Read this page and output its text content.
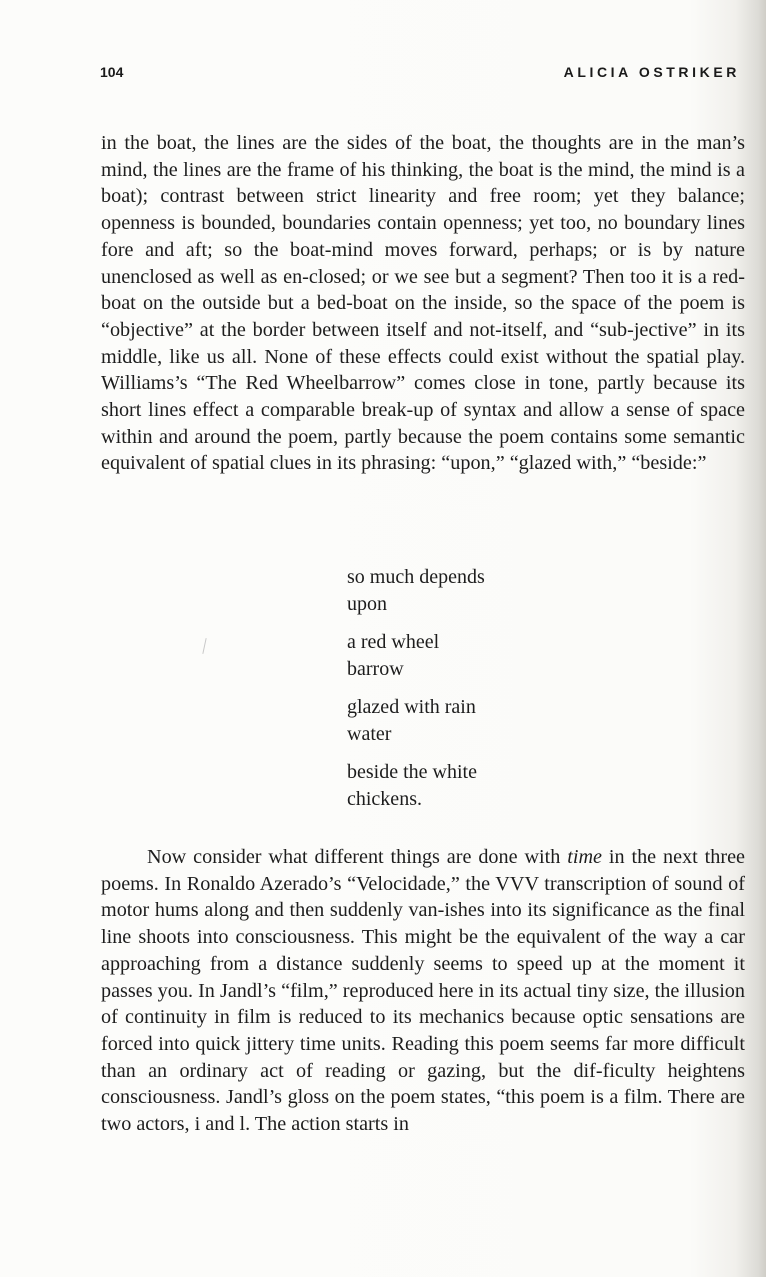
104	ALICIA OSTRIKER

in the boat, the lines are the sides of the boat, the thoughts are in the man’s mind, the lines are the frame of his thinking, the boat is the mind, the mind is a boat); contrast between strict linearity and free room; yet they balance; openness is bounded, boundaries contain openness; yet too, no boundary lines fore and aft; so the boat-mind moves forward, perhaps; or is by nature unenclosed as well as en-closed; or we see but a segment? Then too it is a red-boat on the outside but a bed-boat on the inside, so the space of the poem is “objective” at the border between itself and not-itself, and “sub-jective” in its middle, like us all. None of these effects could exist without the spatial play. Williams’s “The Red Wheelbarrow” comes close in tone, partly because its short lines effect a comparable break-up of syntax and allow a sense of space within and around the poem, partly because the poem contains some semantic equivalent of spatial clues in its phrasing: “upon,” “glazed with,” “beside:”

so much depends
upon
a red wheel
barrow
glazed with rain
water
beside the white
chickens.

Now consider what different things are done with time in the next three poems. In Ronaldo Azerado’s “Velocidade,” the VVV transcription of sound of motor hums along and then suddenly van-ishes into its significance as the final line shoots into consciousness. This might be the equivalent of the way a car approaching from a distance suddenly seems to speed up at the moment it passes you. In Jandl’s “film,” reproduced here in its actual tiny size, the illusion of continuity in film is reduced to its mechanics because optic sensations are forced into quick jittery time units. Reading this poem seems far more difficult than an ordinary act of reading or gazing, but the dif-ficulty heightens consciousness. Jandl’s gloss on the poem states, “this poem is a film. There are two actors, i and l. The action starts in
